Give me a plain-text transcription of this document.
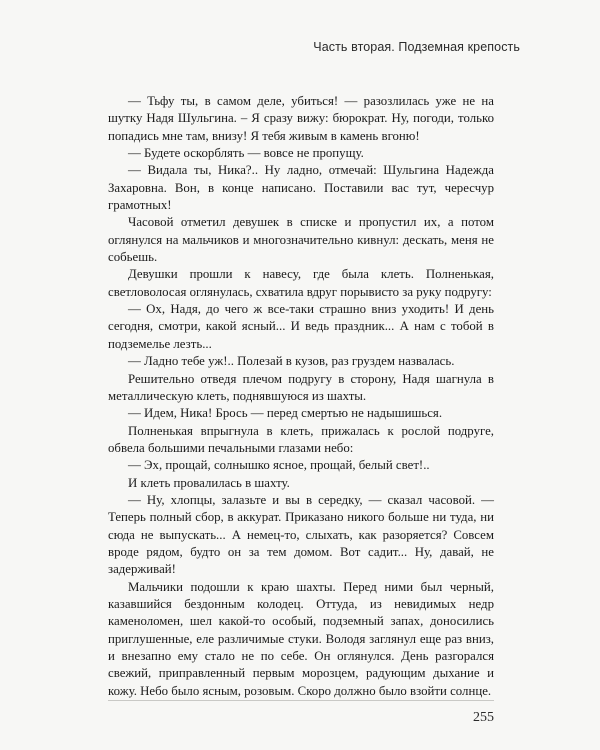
Часть вторая. Подземная крепость

— Тьфу ты, в самом деле, убиться! — разозлилась уже не на шутку Надя Шульгина. – Я сразу вижу: бюрократ. Ну, погоди, только попадись мне там, внизу! Я тебя живым в камень вгоню!

— Будете оскорблять — вовсе не пропущу.

— Видала ты, Ника?.. Ну ладно, отмечай: Шульгина Надежда Захаровна. Вон, в конце написано. Поставили вас тут, чересчур грамотных!

Часовой отметил девушек в списке и пропустил их, а потом оглянулся на мальчиков и многозначительно кивнул: дескать, меня не собьешь.

Девушки прошли к навесу, где была клеть. Полненькая, светловолосая оглянулась, схватила вдруг порывисто за руку подругу:

— Ох, Надя, до чего ж все-таки страшно вниз уходить! И день сегодня, смотри, какой ясный... И ведь праздник... А нам с тобой в подземелье лезть...

— Ладно тебе уж!.. Полезай в кузов, раз груздем назвалась.

Решительно отведя плечом подругу в сторону, Надя шагнула в металлическую клеть, поднявшуюся из шахты.

— Идем, Ника! Брось — перед смертью не надышишься.

Полненькая впрыгнула в клеть, прижалась к рослой подруге, обвела большими печальными глазами небо:

— Эх, прощай, солнышко ясное, прощай, белый свет!..

И клеть провалилась в шахту.

— Ну, хлопцы, залазьте и вы в середку, — сказал часовой. — Теперь полный сбор, в аккурат. Приказано никого больше ни туда, ни сюда не выпускать... А немец-то, слыхать, как разоряется? Совсем вроде рядом, будто он за тем домом. Вот садит... Ну, давай, не задерживай!

Мальчики подошли к краю шахты. Перед ними был черный, казавшийся бездонным колодец. Оттуда, из невидимых недр каменоломен, шел какой-то особый, подземный запах, доносились приглушенные, еле различимые стуки. Володя заглянул еще раз вниз, и внезапно ему стало не по себе. Он оглянулся. День разгорался свежий, приправленный первым морозцем, радующим дыхание и кожу. Небо было ясным, розовым. Скоро должно было взойти солнце.

255
